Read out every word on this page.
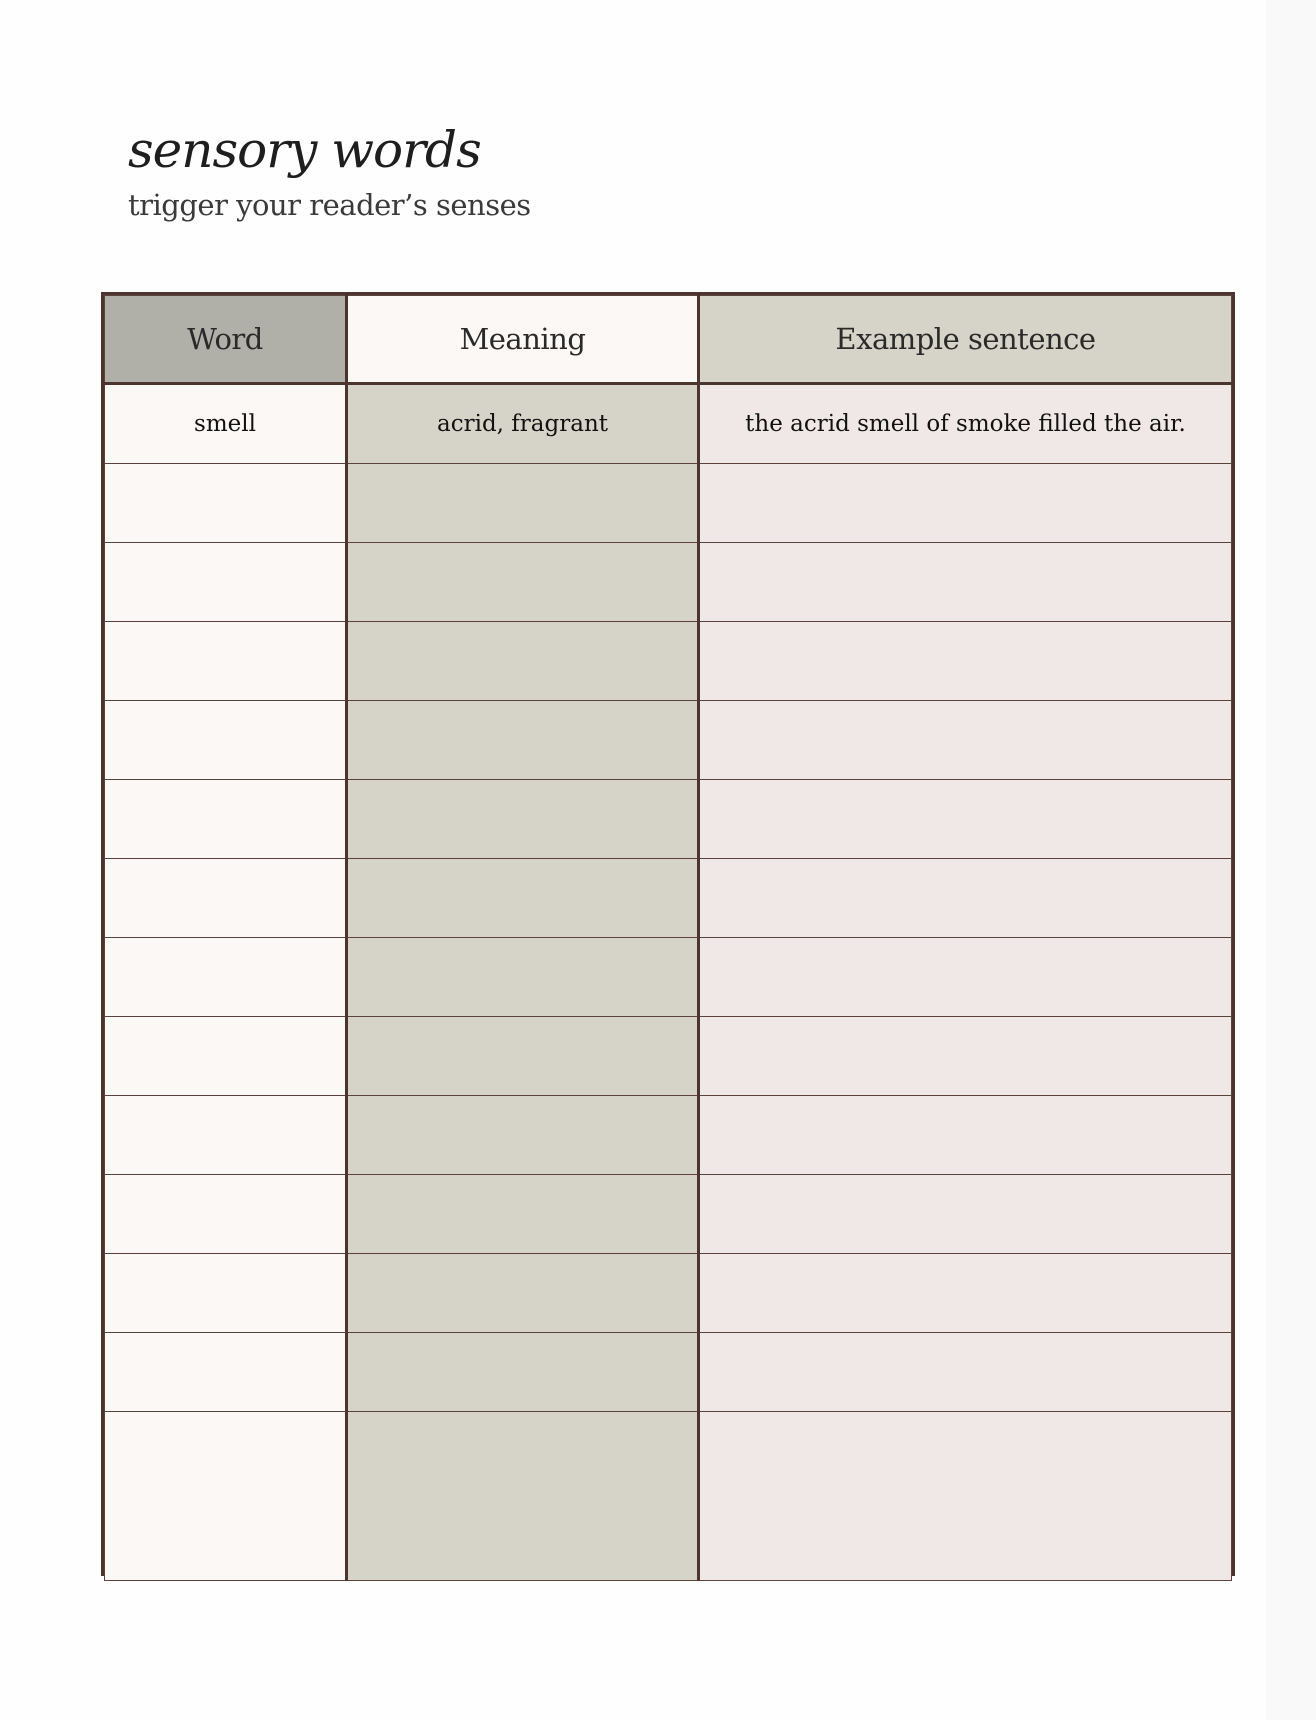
sensory words

trigger your reader’s senses

Word	Meaning	Example sentence
smell	acrid, fragrant	the acrid smell of smoke filled the air.
